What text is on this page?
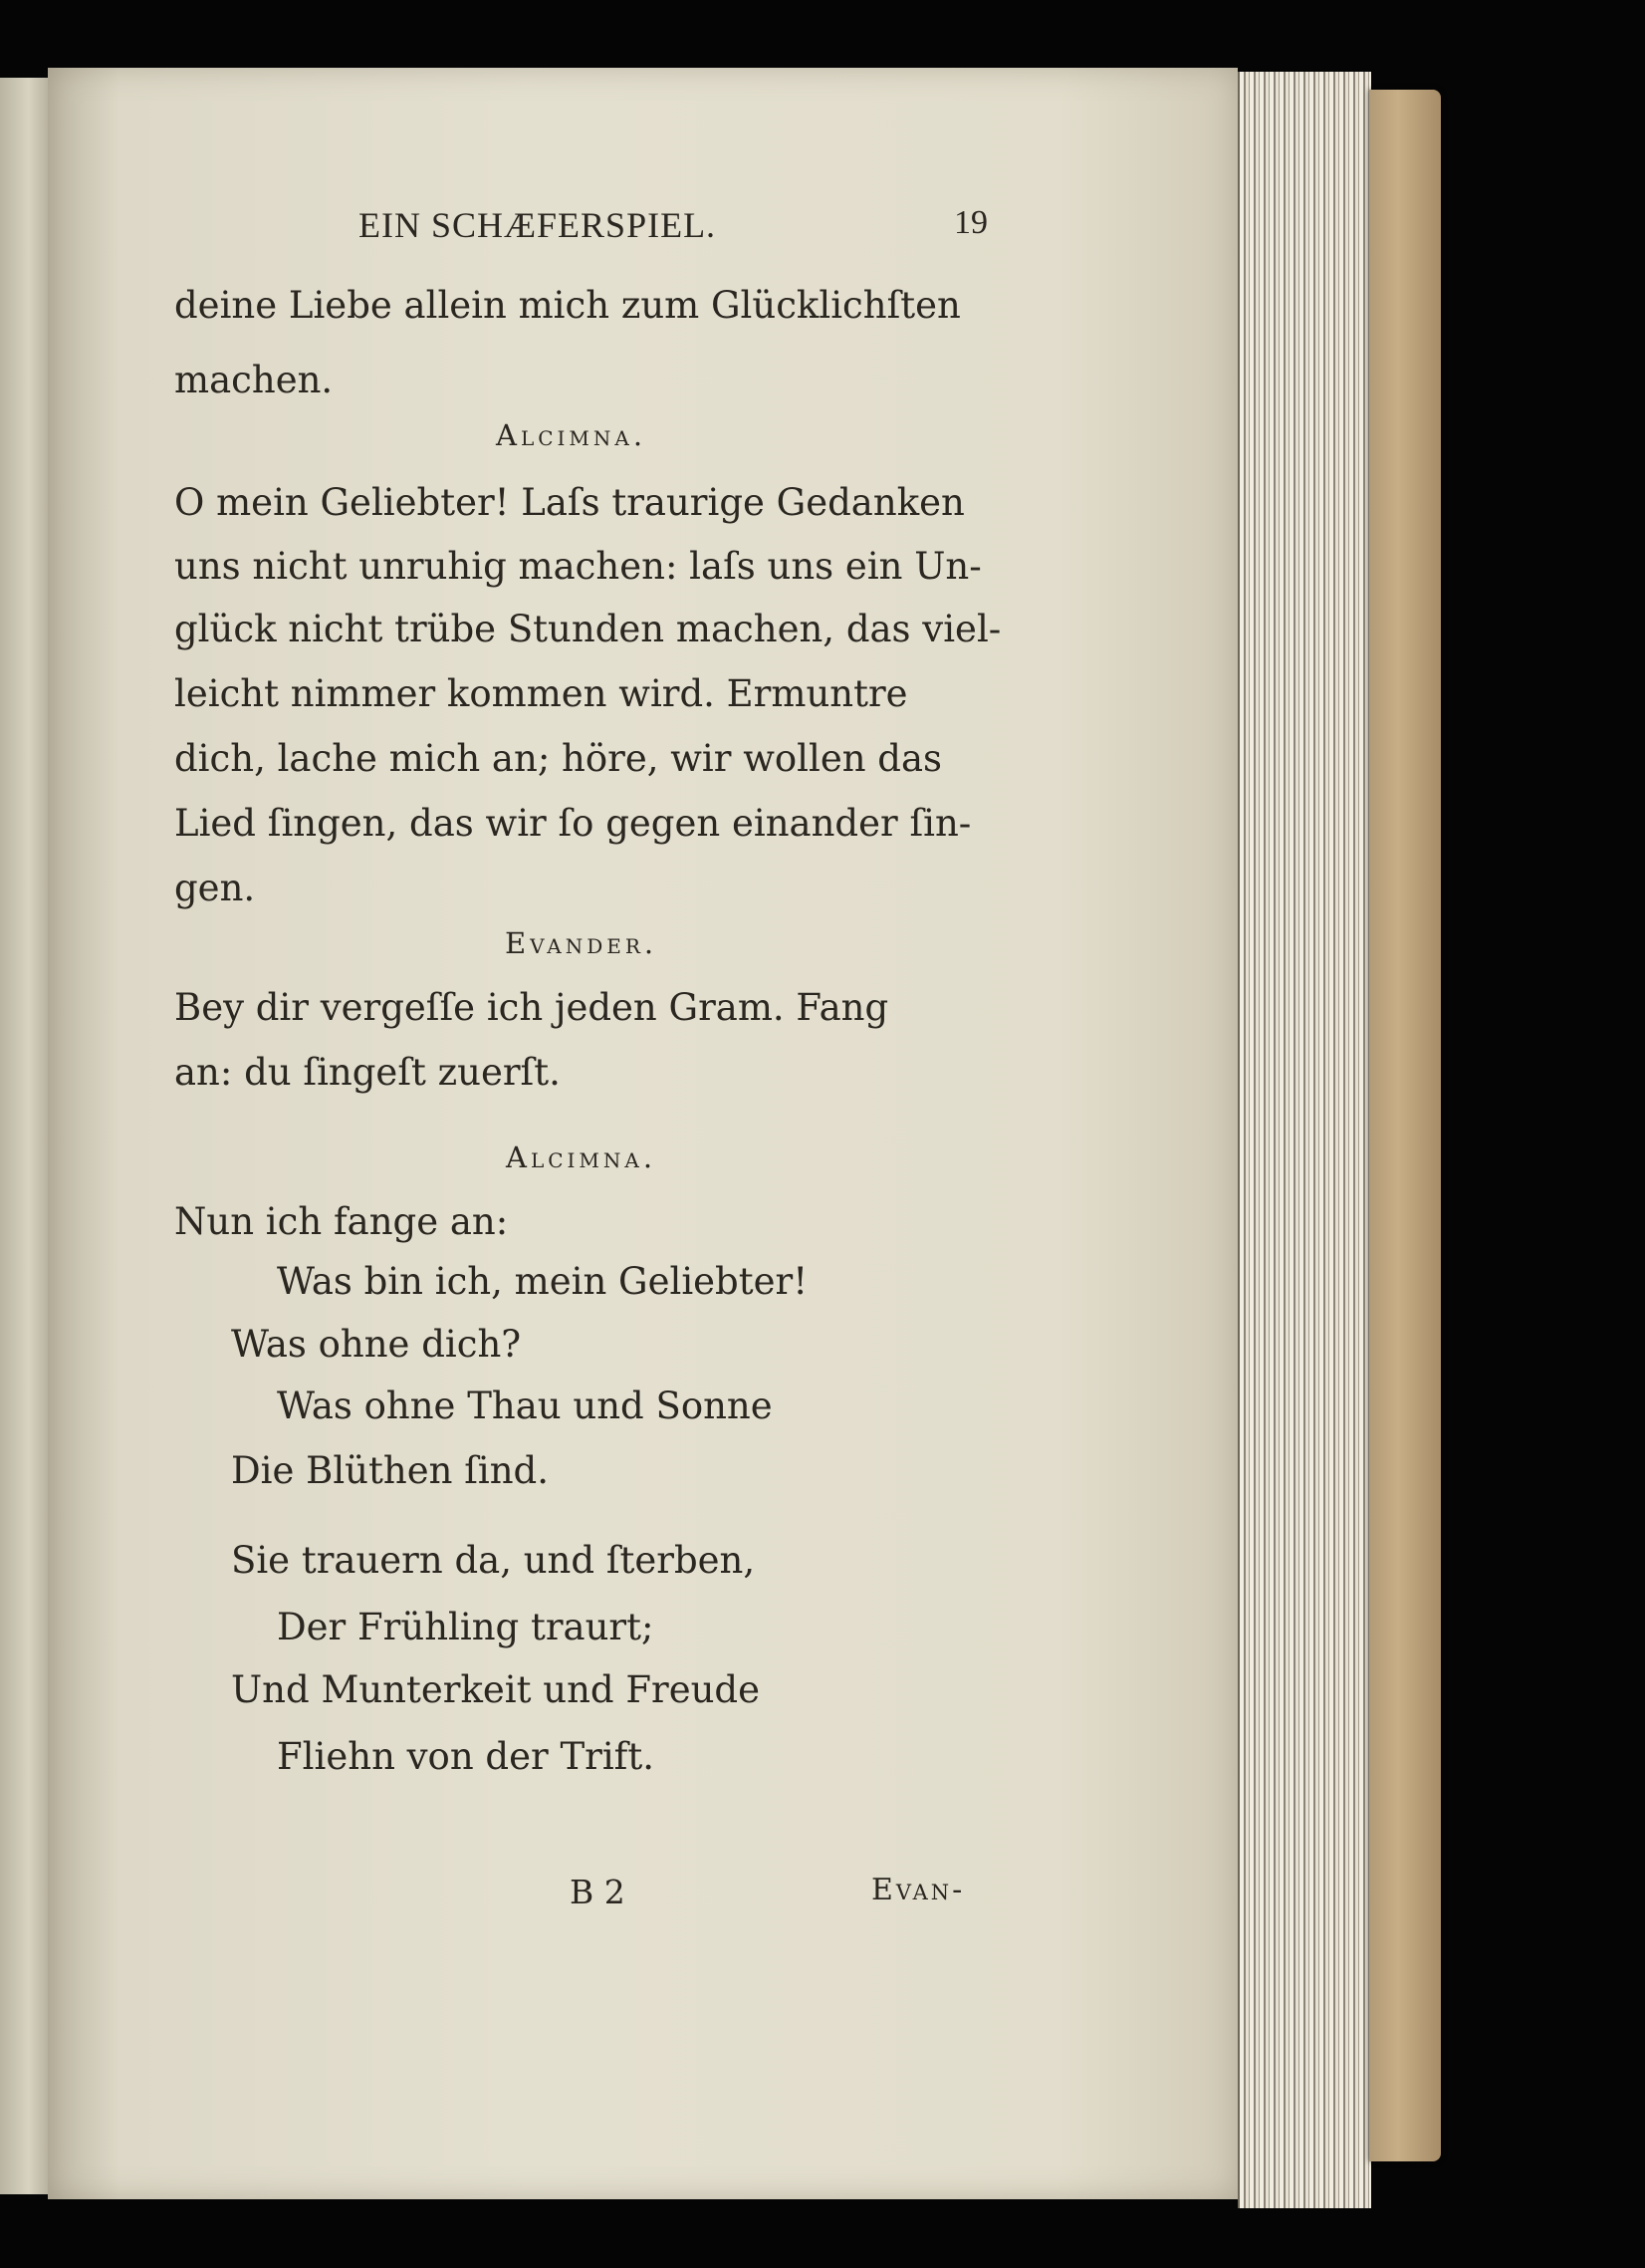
EIN SCHÆFERSPIEL.	19
B 2	Evan-

deine Liebe allein mich zum Glücklichſten

machen.

Alcimna.

O mein Geliebter! Laſs traurige Gedanken

uns nicht unruhig machen: laſs uns ein Un-

glück nicht trübe Stunden machen, das viel-

leicht nimmer kommen wird. Ermuntre

dich, lache mich an; höre, wir wollen das

Lied ſingen, das wir ſo gegen einander ſin-

gen.

Evander.

Bey dir vergeſſe ich jeden Gram. Fang

an: du ſingeſt zuerſt.

Alcimna.

Nun ich fange an:

Was bin ich, mein Geliebter!

Was ohne dich?

Was ohne Thau und Sonne

Die Blüthen ſind.

Sie trauern da, und ſterben,

Der Frühling traurt;

Und Munterkeit und Freude

Fliehn von der Trift.
